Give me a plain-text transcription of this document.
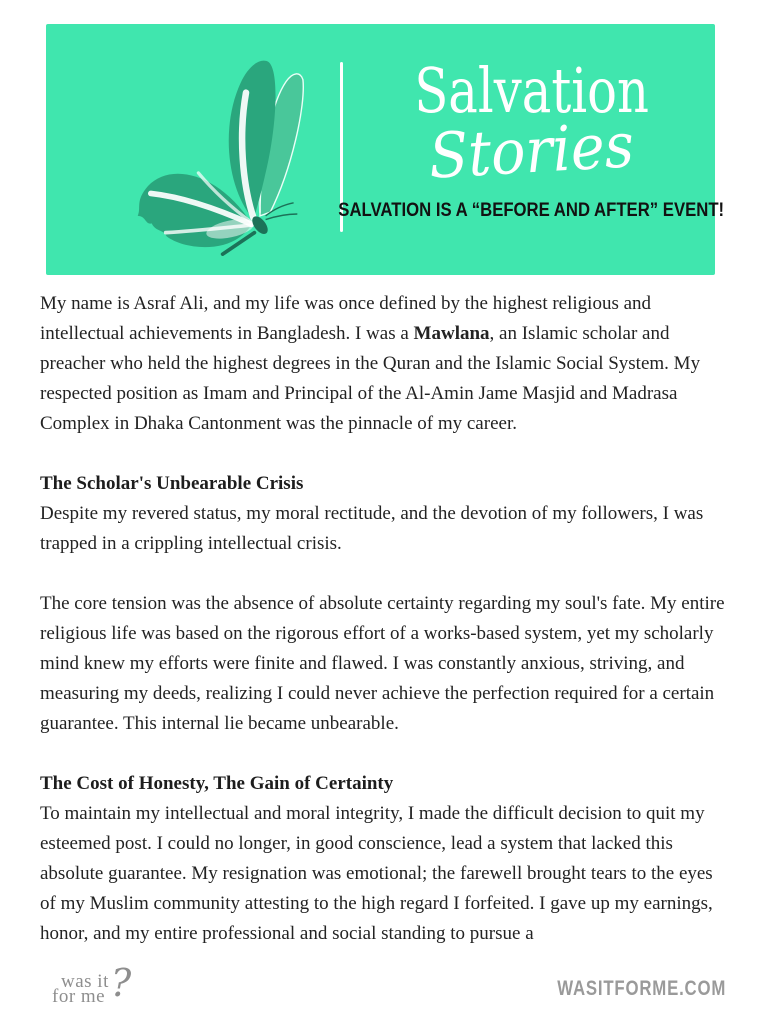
Salvation
Stories
SALVATION IS A “BEFORE AND AFTER” EVENT!

My name is Asraf Ali, and my life was once defined by the highest religious and intellectual achievements in Bangladesh. I was a Mawlana, an Islamic scholar and preacher who held the highest degrees in the Quran and the Islamic Social System. My respected position as Imam and Principal of the Al-Amin Jame Masjid and Madrasa Complex in Dhaka Cantonment was the pinnacle of my career.

The Scholar's Unbearable Crisis

Despite my revered status, my moral rectitude, and the devotion of my followers, I was trapped in a crippling intellectual crisis.

The core tension was the absence of absolute certainty regarding my soul's fate. My entire religious life was based on the rigorous effort of a works-based system, yet my scholarly mind knew my efforts were finite and flawed. I was constantly anxious, striving, and measuring my deeds, realizing I could never achieve the perfection required for a certain guarantee. This internal lie became unbearable.

The Cost of Honesty, The Gain of Certainty

To maintain my intellectual and moral integrity, I made the difficult decision to quit my esteemed post. I could no longer, in good conscience, lead a system that lacked this absolute guarantee. My resignation was emotional; the farewell brought tears to the eyes of my Muslim community attesting to the high regard I forfeited. I gave up my earnings, honor, and my entire professional and social standing to pursue a

was it
for me ?	WASITFORME.COM
